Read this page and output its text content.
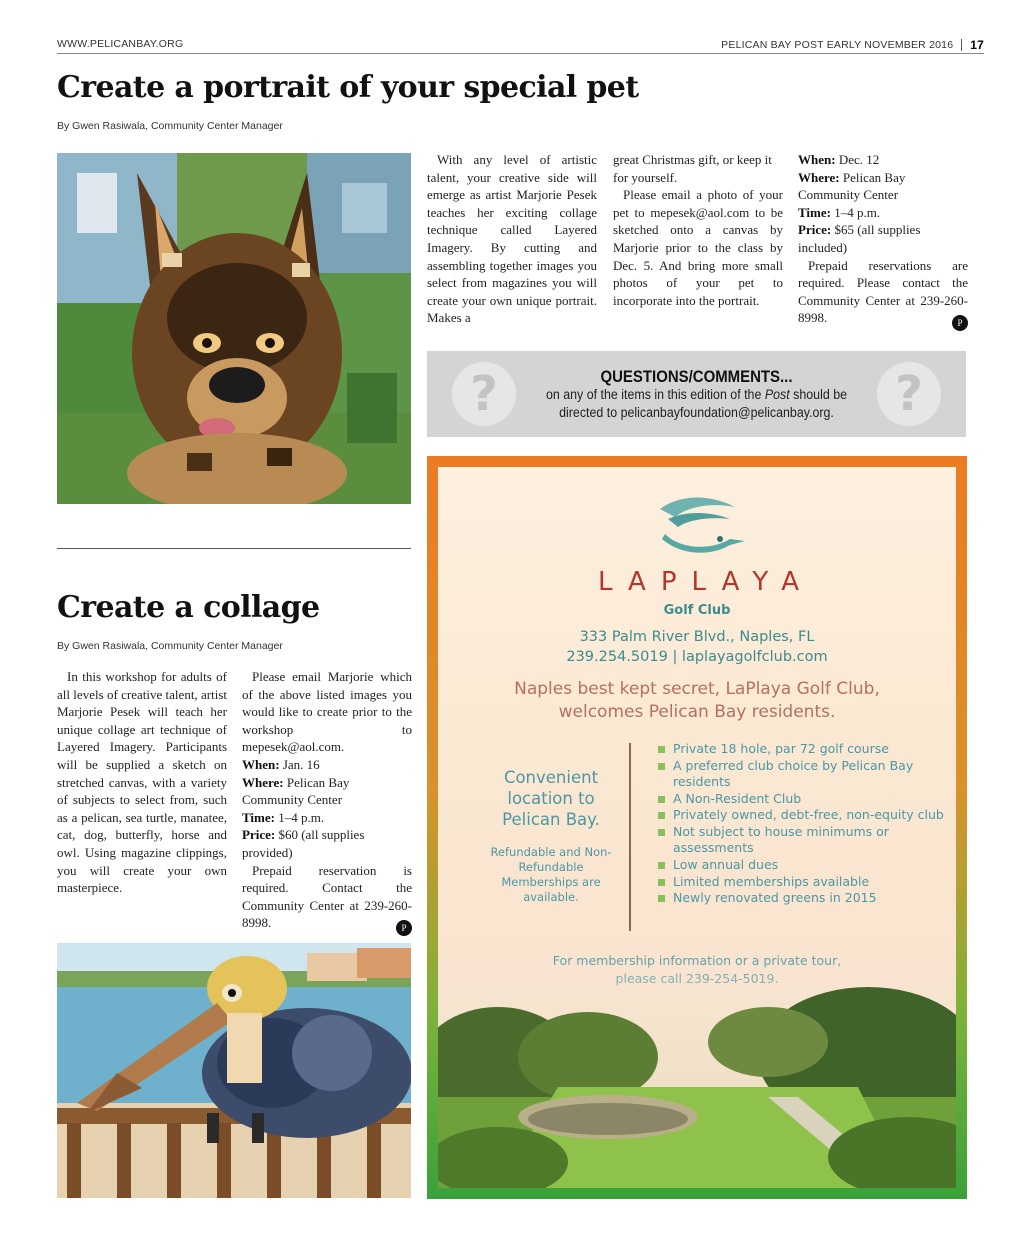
WWW.PELICANBAY.ORG	PELICAN BAY POST EARLY NOVEMBER 2016 17
Create a portrait of your special pet
By Gwen Rasiwala, Community Center Manager

With any level of artistic talent, your creative side will emerge as artist Marjorie Pesek teaches her exciting collage technique called Layered Imagery. By cutting and assembling together images you select from magazines you will create your own unique portrait. Makes a

great Christmas gift, or keep it for yourself.

Please email a photo of your pet to mepesek@aol.com to be sketched onto a canvas by Marjorie prior to the class by Dec. 5. And bring more small photos of your pet to incorporate into the portrait.

When: Dec. 12

Where: Pelican Bay Community Center

Time: 1–4 p.m.

Price: $65 (all supplies included)

Prepaid reservations are required. Please contact the Community Center at 239-260-8998.	P
?	?
QUESTIONS/COMMENTS...
on any of the items in this edition of the Post should be
directed to pelicanbayfoundation@pelicanbay.org.
Create a collage
By Gwen Rasiwala, Community Center Manager

In this workshop for adults of all levels of creative talent, artist Marjorie Pesek will teach her unique collage art technique of Layered Imagery. Participants will be supplied a sketch on stretched canvas, with a variety of subjects to select from, such as a pelican, sea turtle, manatee, cat, dog, butterfly, horse and owl. Using magazine clippings, you will create your own masterpiece.

Please email Marjorie which of the above listed images you would like to create prior to the workshop to mepesek@aol.com.

When: Jan. 16

Where: Pelican Bay Community Center

Time: 1–4 p.m.

Price: $60 (all supplies provided)

Prepaid reservation is required. Contact the Community Center at 239-260-8998.	P
LAPLAYA
Golf Club
333 Palm River Blvd., Naples, FL
239.254.5019 | laplayagolfclub.com
Naples best kept secret, LaPlaya Golf Club,
welcomes Pelican Bay residents.
Convenient location to Pelican Bay.
Refundable and Non-Refundable Memberships are available.
Private 18 hole, par 72 golf course
A preferred club choice by Pelican Bay residents
A Non-Resident Club
Privately owned, debt-free, non-equity club
Not subject to house minimums or assessments
Low annual dues
Limited memberships available
Newly renovated greens in 2015
